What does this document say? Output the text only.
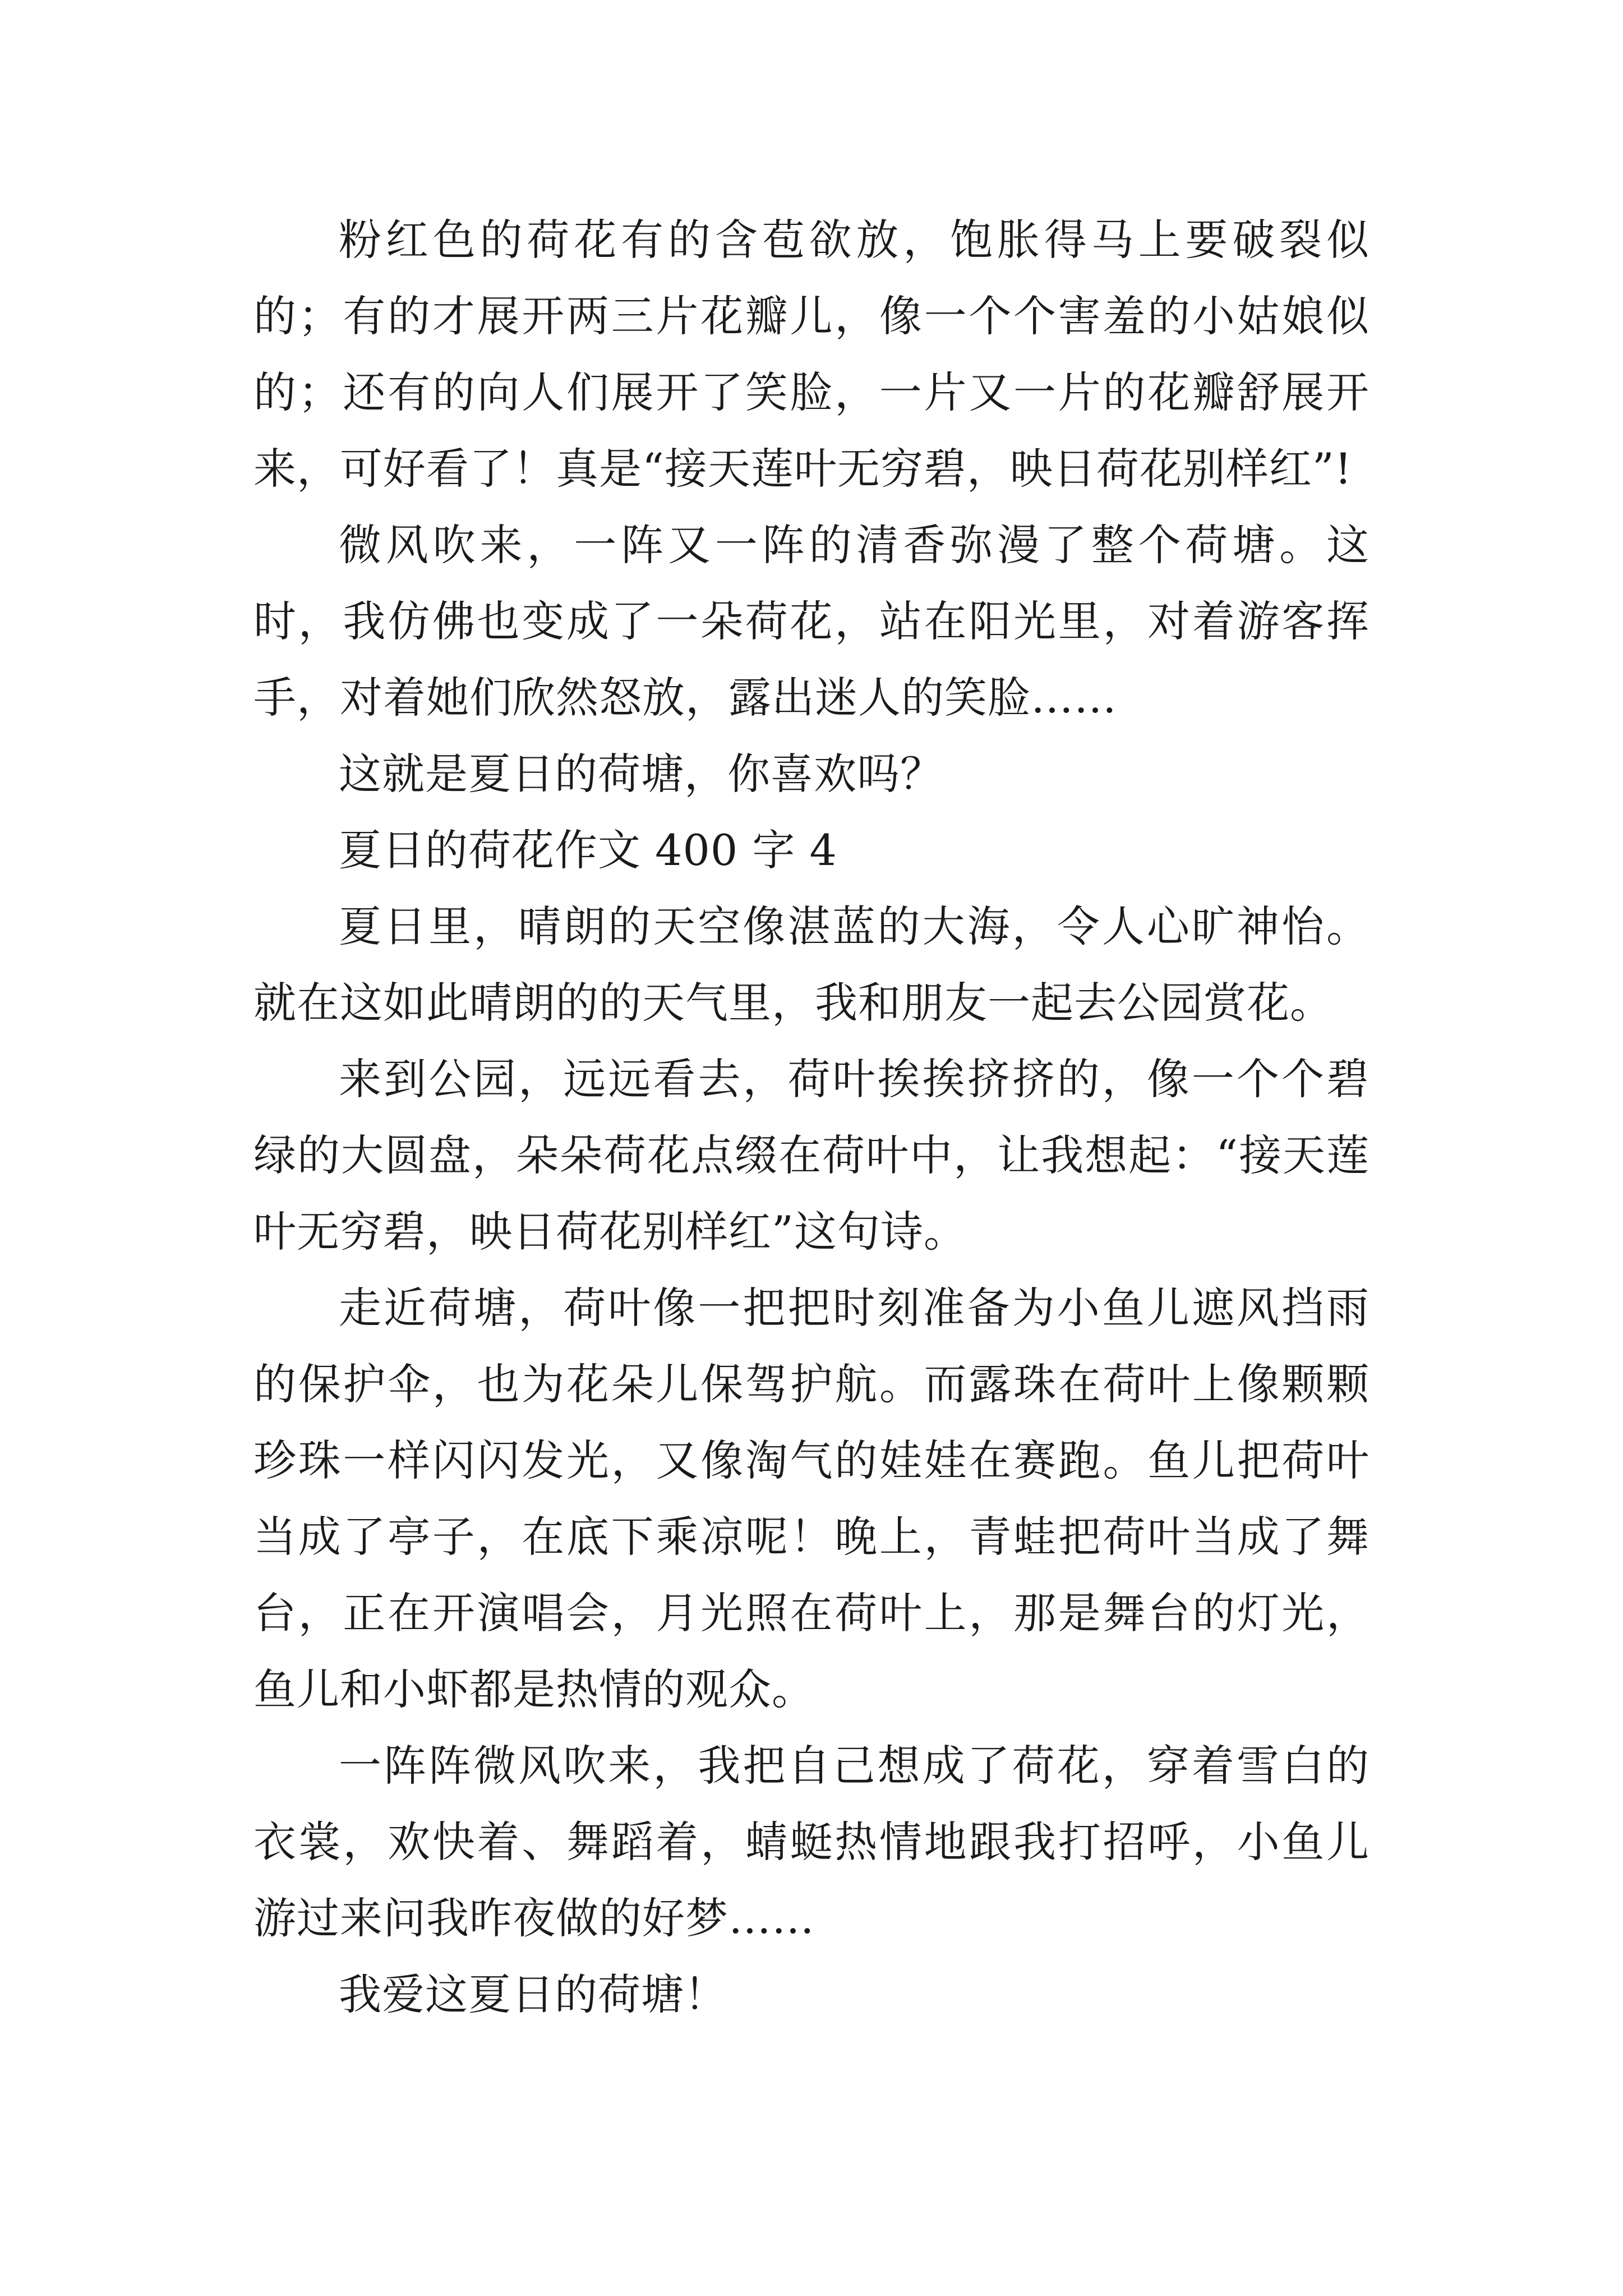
粉红色的荷花有的含苞欲放，饱胀得马上要破裂似的；有的才展开两三片花瓣儿，像一个个害羞的小姑娘似的；还有的向人们展开了笑脸，一片又一片的花瓣舒展开来，可好看了！真是“接天莲叶无穷碧，映日荷花别样红”!

微风吹来，一阵又一阵的清香弥漫了整个荷塘。这时，我仿佛也变成了一朵荷花，站在阳光里，对着游客挥手，对着她们欣然怒放，露出迷人的笑脸……

这就是夏日的荷塘，你喜欢吗？

夏日的荷花作文 400 字 4

夏日里，晴朗的天空像湛蓝的大海，令人心旷神怡。就在这如此晴朗的的天气里，我和朋友一起去公园赏花。

来到公园，远远看去，荷叶挨挨挤挤的，像一个个碧绿的大圆盘，朵朵荷花点缀在荷叶中，让我想起：“接天莲叶无穷碧，映日荷花别样红”这句诗。

走近荷塘，荷叶像一把把时刻准备为小鱼儿遮风挡雨的保护伞，也为花朵儿保驾护航。而露珠在荷叶上像颗颗珍珠一样闪闪发光，又像淘气的娃娃在赛跑。鱼儿把荷叶当成了亭子，在底下乘凉呢！晚上，青蛙把荷叶当成了舞台，正在开演唱会，月光照在荷叶上，那是舞台的灯光，鱼儿和小虾都是热情的观众。

一阵阵微风吹来，我把自己想成了荷花，穿着雪白的衣裳，欢快着、舞蹈着，蜻蜓热情地跟我打招呼，小鱼儿游过来问我昨夜做的好梦……

我爱这夏日的荷塘！
